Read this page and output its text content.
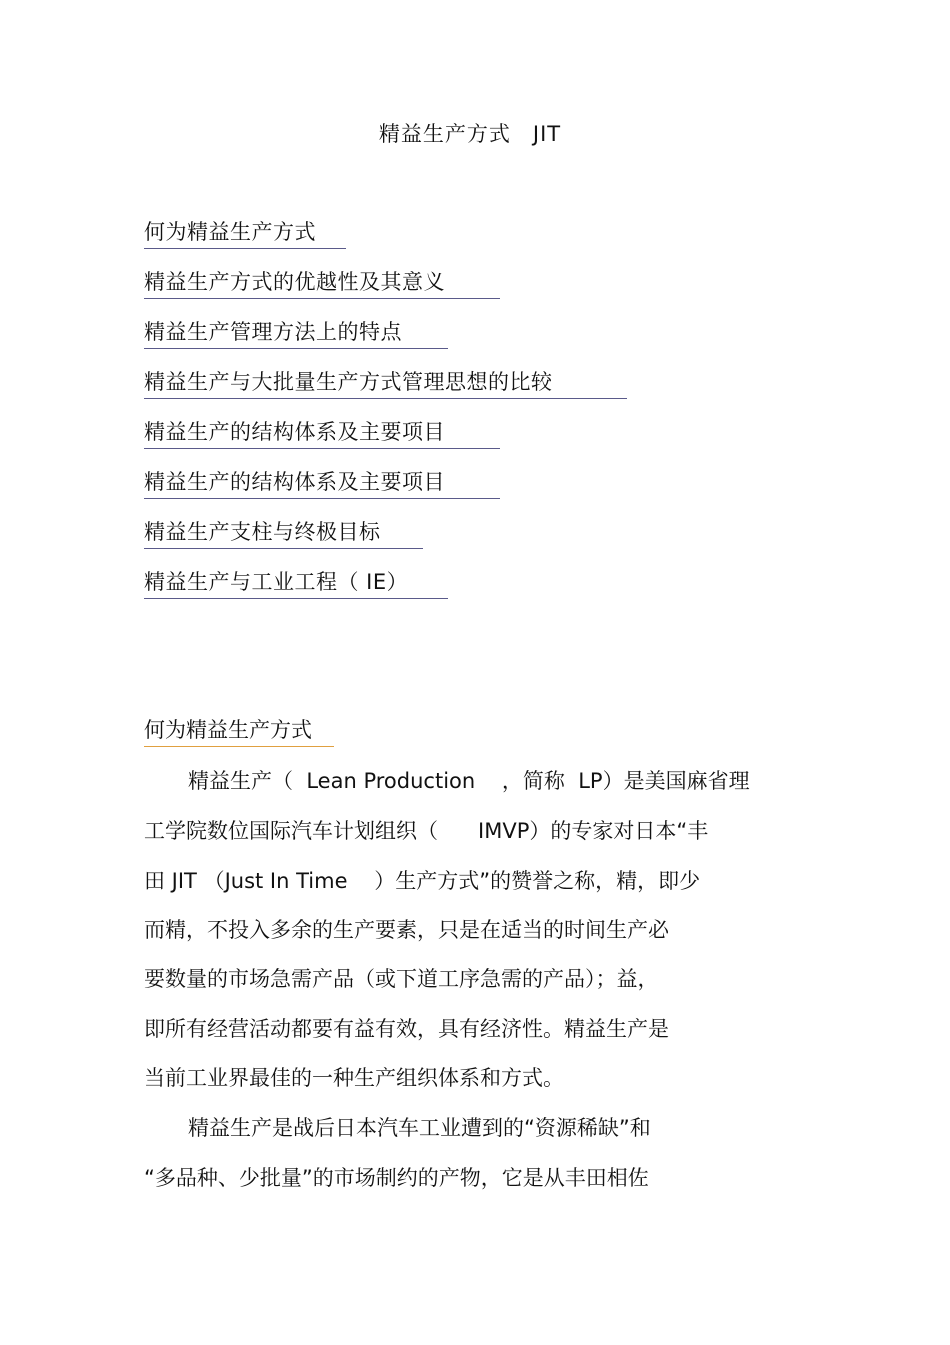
精益生产方式 JIT
何为精益生产方式
精益生产方式的优越性及其意义
精益生产管理方法上的特点
精益生产与大批量生产方式管理思想的比较
精益生产的结构体系及主要项目
精益生产的结构体系及主要项目
精益生产支柱与终极目标
精益生产与工业工程（ IE）
何为精益生产方式
精益生产（  Lean Production    ，简称  LP）是美国麻省理
工学院数位国际汽车计划组织（      IMVP）的专家对日本“丰
田 JIT （Just In Time    ）生产方式”的赞誉之称，精，即少
而精，不投入多余的生产要素，只是在适当的时间生产必
要数量的市场急需产品（或下道工序急需的产品）；益，
即所有经营活动都要有益有效，具有经济性。精益生产是
当前工业界最佳的一种生产组织体系和方式。
精益生产是战后日本汽车工业遭到的“资源稀缺”和
“多品种、少批量”的市场制约的产物，它是从丰田相佐
